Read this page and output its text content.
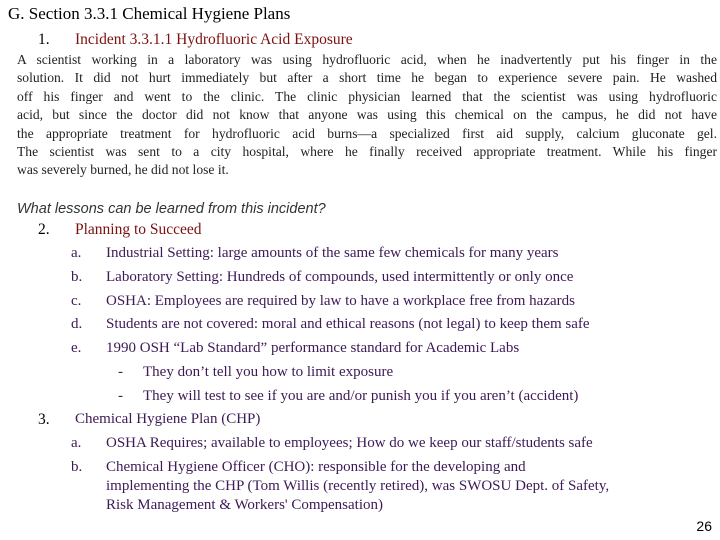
G. Section 3.3.1 Chemical Hygiene Plans
1. Incident 3.3.1.1 Hydrofluoric Acid Exposure
A scientist working in a laboratory was using hydrofluoric acid, when he inadvertently put his finger in the
solution. It did not hurt immediately but after a short time he began to experience severe pain. He washed
off his finger and went to the clinic. The clinic physician learned that the scientist was using hydrofluoric
acid, but since the doctor did not know that anyone was using this chemical on the campus, he did not have
the appropriate treatment for hydrofluoric acid burns—a specialized first aid supply, calcium gluconate gel.
The scientist was sent to a city hospital, where he finally received appropriate treatment. While his finger
was severely burned, he did not lose it.
What lessons can be learned from this incident?
2. Planning to Succeed
a. Industrial Setting: large amounts of the same few chemicals for many years
b. Laboratory Setting: Hundreds of compounds, used intermittently or only once
c. OSHA: Employees are required by law to have a workplace free from hazards
d. Students are not covered: moral and ethical reasons (not legal) to keep them safe
e. 1990 OSH “Lab Standard” performance standard for Academic Labs
- They don’t tell you how to limit exposure
- They will test to see if you are and/or punish you if you aren’t (accident)
3. Chemical Hygiene Plan (CHP)
a. OSHA Requires; available to employees; How do we keep our staff/students safe
b. Chemical Hygiene Officer (CHO): responsible for the developing and
implementing the CHP (Tom Willis (recently retired), was SWOSU Dept. of Safety,
Risk Management & Workers' Compensation)
26
